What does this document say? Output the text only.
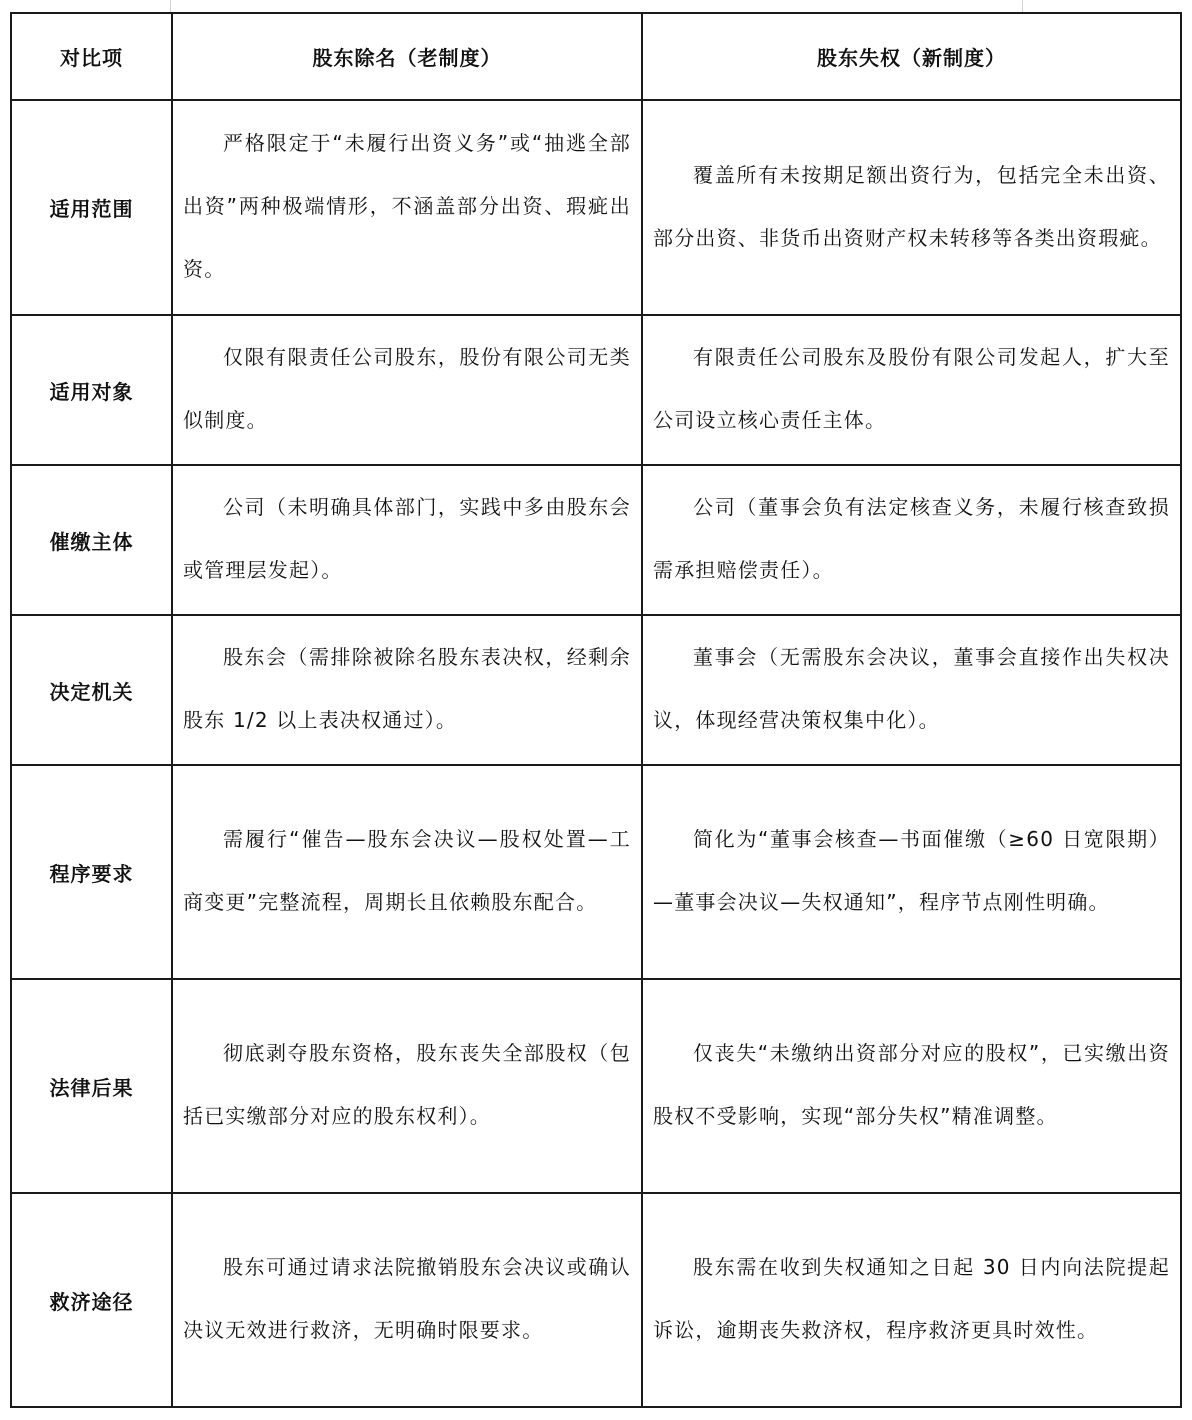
对比项	股东除名（老制度）	股东失权（新制度）
适用范围	严格限定于“未履行出资义务”或“抽逃全部出资”两种极端情形，不涵盖部分出资、瑕疵出资。	覆盖所有未按期足额出资行为，包括完全未出资、部分出资、非货币出资财产权未转移等各类出资瑕疵。

适用对象	仅限有限责任公司股东，股份有限公司无类似制度。	有限责任公司股东及股份有限公司发起人，扩大至公司设立核心责任主体。

催缴主体	公司（未明确具体部门，实践中多由股东会或管理层发起）。	公司（董事会负有法定核查义务，未履行核查致损需承担赔偿责任）。

决定机关	股东会（需排除被除名股东表决权，经剩余股东 1/2 以上表决权通过）。	董事会（无需股东会决议，董事会直接作出失权决议，体现经营决策权集中化）。

程序要求	需履行“催告—股东会决议—股权处置—工商变更”完整流程，周期长且依赖股东配合。	简化为“董事会核查—书面催缴（≥60 日宽限期）—董事会决议—失权通知”，程序节点刚性明确。

法律后果	彻底剥夺股东资格，股东丧失全部股权（包括已实缴部分对应的股东权利）。	仅丧失“未缴纳出资部分对应的股权”，已实缴出资股权不受影响，实现“部分失权”精准调整。

救济途径	股东可通过请求法院撤销股东会决议或确认决议无效进行救济，无明确时限要求。	股东需在收到失权通知之日起 30 日内向法院提起诉讼，逾期丧失救济权，程序救济更具时效性。
